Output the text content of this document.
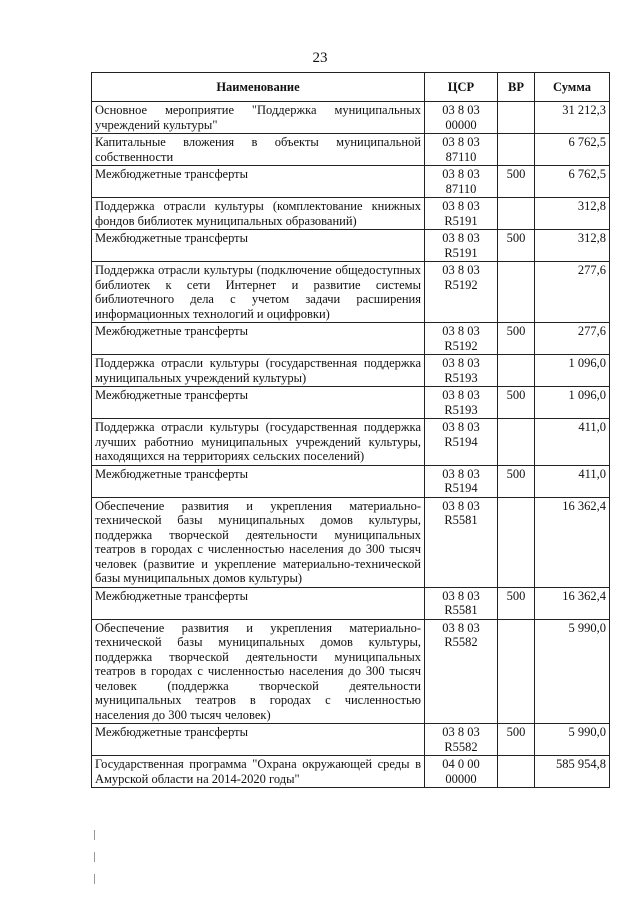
23
Наименование	ЦСР	ВР	Сумма
Основное мероприятие "Поддержка муниципальных учреждений культуры"	03 8 03 00000		31 212,3
Капитальные вложения в объекты муниципальной собственности	03 8 03 87110		6 762,5
Межбюджетные трансферты	03 8 03 87110	500	6 762,5
Поддержка отрасли культуры (комплектование книжных фондов библиотек муниципальных образований)	03 8 03 R5191		312,8
Межбюджетные трансферты	03 8 03 R5191	500	312,8
Поддержка отрасли культуры (подключение общедоступных библиотек к сети Интернет и развитие системы библиотечного дела с учетом задачи расширения информационных технологий и оцифровки)	03 8 03 R5192		277,6
Межбюджетные трансферты	03 8 03 R5192	500	277,6
Поддержка отрасли культуры (государственная поддержка муниципальных учреждений культуры)	03 8 03 R5193		1 096,0
Межбюджетные трансферты	03 8 03 R5193	500	1 096,0
Поддержка отрасли культуры (государственная поддержка лучших работнио муниципальных учреждений культуры, находящихся на территориях сельских поселений)	03 8 03 R5194		411,0
Межбюджетные трансферты	03 8 03 R5194	500	411,0
Обеспечение развития и укрепления материально-технической базы муниципальных домов культуры, поддержка творческой деятельности муниципальных театров в городах с численностью населения до 300 тысяч человек (развитие и укрепление материально-технической базы муниципальных домов культуры)	03 8 03 R5581		16 362,4
Межбюджетные трансферты	03 8 03 R5581	500	16 362,4
Обеспечение развития и укрепления материально-технической базы муниципальных домов культуры, поддержка творческой деятельности муниципальных театров в городах с численностью населения до 300 тысяч человек (поддержка творческой деятельности муниципальных театров в городах с численностью населения до 300 тысяч человек)	03 8 03 R5582		5 990,0
Межбюджетные трансферты	03 8 03 R5582	500	5 990,0
Государственная программа "Охрана окружающей среды в Амурской области на 2014-2020 годы"	04 0 00 00000		585 954,8
